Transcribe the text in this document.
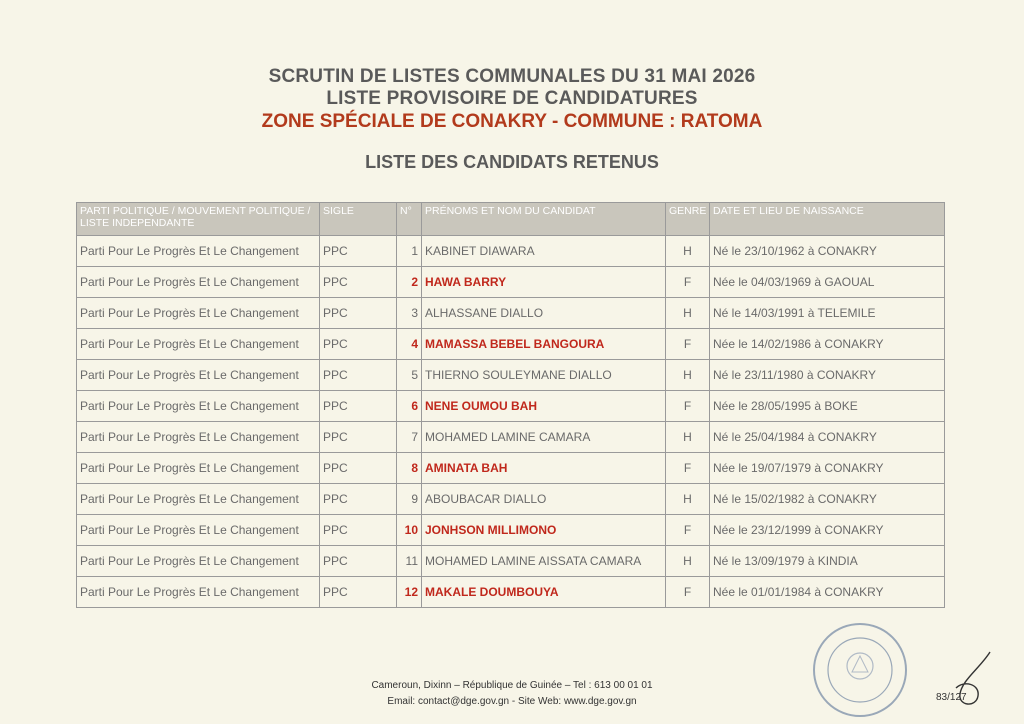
SCRUTIN DE LISTES COMMUNALES DU 31 MAI 2026
LISTE PROVISOIRE DE CANDIDATURES
ZONE SPÉCIALE DE CONAKRY - COMMUNE : RATOMA
LISTE DES CANDIDATS RETENUS
PARTI POLITIQUE / MOUVEMENT POLITIQUE / LISTE INDEPENDANTE	SIGLE	N°	PRÉNOMS ET NOM DU CANDIDAT	GENRE	DATE ET LIEU DE NAISSANCE
Parti Pour Le Progrès Et Le Changement	PPC	1	KABINET DIAWARA	H	Né le 23/10/1962 à CONAKRY
Parti Pour Le Progrès Et Le Changement	PPC	2	HAWA BARRY	F	Née le 04/03/1969 à GAOUAL
Parti Pour Le Progrès Et Le Changement	PPC	3	ALHASSANE DIALLO	H	Né le 14/03/1991 à TELEMILE
Parti Pour Le Progrès Et Le Changement	PPC	4	MAMASSA BEBEL BANGOURA	F	Née le 14/02/1986 à CONAKRY
Parti Pour Le Progrès Et Le Changement	PPC	5	THIERNO SOULEYMANE DIALLO	H	Né le 23/11/1980 à CONAKRY
Parti Pour Le Progrès Et Le Changement	PPC	6	NENE OUMOU BAH	F	Née le 28/05/1995 à BOKE
Parti Pour Le Progrès Et Le Changement	PPC	7	MOHAMED LAMINE CAMARA	H	Né le 25/04/1984 à CONAKRY
Parti Pour Le Progrès Et Le Changement	PPC	8	AMINATA BAH	F	Née le 19/07/1979 à CONAKRY
Parti Pour Le Progrès Et Le Changement	PPC	9	ABOUBACAR DIALLO	H	Né le 15/02/1982 à CONAKRY
Parti Pour Le Progrès Et Le Changement	PPC	10	JONHSON MILLIMONO	F	Née le 23/12/1999 à CONAKRY
Parti Pour Le Progrès Et Le Changement	PPC	11	MOHAMED LAMINE AISSATA CAMARA	H	Né le 13/09/1979 à KINDIA
Parti Pour Le Progrès Et Le Changement	PPC	12	MAKALE DOUMBOUYA	F	Née le 01/01/1984 à CONAKRY
Cameroun, Dixinn – République de Guinée – Tel : 613 00 01 01
Email: contact@dge.gov.gn - Site Web: www.dge.gov.gn	83/127
